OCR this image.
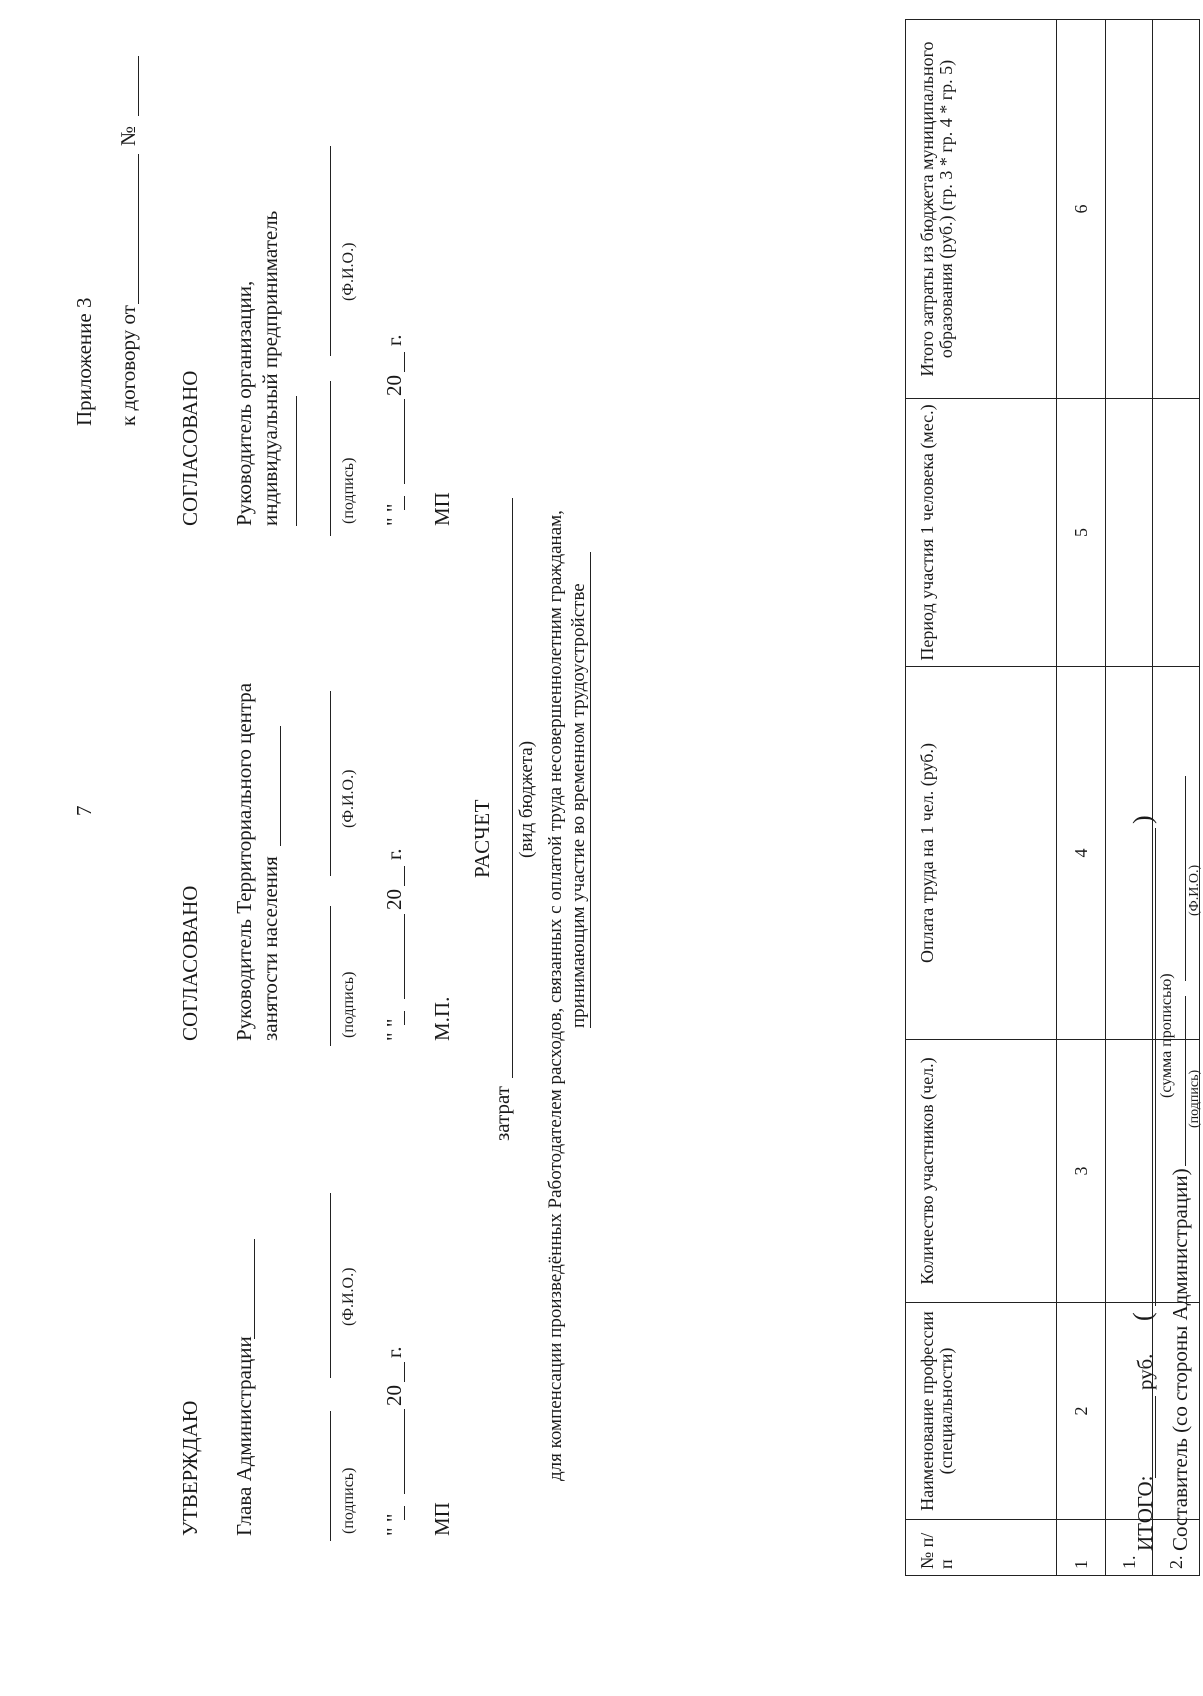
7
Приложение 3 к договору от
№
УТВЕРЖДАЮ Глава Администрации	(подпись)
(Ф.И.О.)
" "
20
г.
МП
СОГЛАСОВАНО Руководитель Территориального центра занятости населения	(подпись)
(Ф.И.О.)
" "
20
г.
М.П.
СОГЛАСОВАНО Руководитель организации, индивидуальный предприниматель	(подпись)
(Ф.И.О.)
" "
20
г.
МП
РАСЧЕТ
затрат
(вид бюджета) для компенсации произведённых Работодателем расходов, связанных с оплатой труда несовершеннолетним гражданам, принимающим участие во временном трудоустройстве
№ п/п	Наименование профессии (специальности)	Количество участников (чел.)	Оплата труда на 1 чел. (руб.)	Период участия 1 человека (мес.)	Итого затраты из бюджета муниципального образования (руб.) (гр. 3 * гр. 4 * гр. 5)
1	2	3	4	5	6
1.					
2.					
ИТОГО:
руб.
(
)
(сумма прописью)
Составитель (со стороны Администрации)
(подпись)
(Ф.И.О.)
